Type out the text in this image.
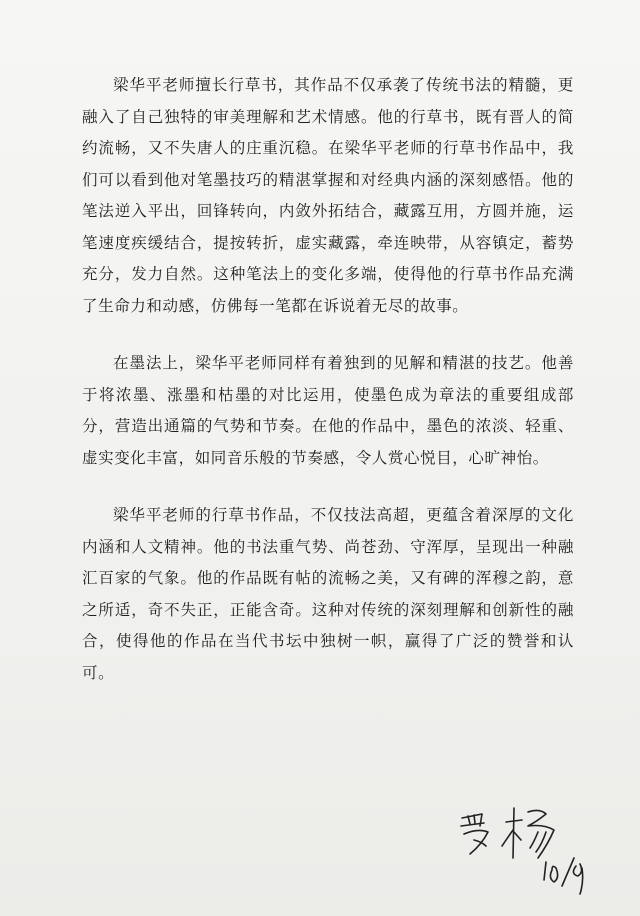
梁华平老师擅长行草书，其作品不仅承袭了传统书法的精髓，更融入了自己独特的审美理解和艺术情感。他的行草书，既有晋人的简约流畅，又不失唐人的庄重沉稳。在梁华平老师的行草书作品中，我们可以看到他对笔墨技巧的精湛掌握和对经典内涵的深刻感悟。他的笔法逆入平出，回锋转向，内敛外拓结合，藏露互用，方圆并施，运笔速度疾缓结合，提按转折，虚实藏露，牵连映带，从容镇定，蓄势充分，发力自然。这种笔法上的变化多端，使得他的行草书作品充满了生命力和动感，仿佛每一笔都在诉说着无尽的故事。

在墨法上，梁华平老师同样有着独到的见解和精湛的技艺。他善于将浓墨、涨墨和枯墨的对比运用，使墨色成为章法的重要组成部分，营造出通篇的气势和节奏。在他的作品中，墨色的浓淡、轻重、虚实变化丰富，如同音乐般的节奏感，令人赏心悦目，心旷神怡。

梁华平老师的行草书作品，不仅技法高超，更蕴含着深厚的文化内涵和人文精神。他的书法重气势、尚苍劲、守浑厚，呈现出一种融汇百家的气象。他的作品既有帖的流畅之美，又有碑的浑穆之韵，意之所适，奇不失正，正能含奇。这种对传统的深刻理解和创新性的融合，使得他的作品在当代书坛中独树一帜，赢得了广泛的赞誉和认可。
